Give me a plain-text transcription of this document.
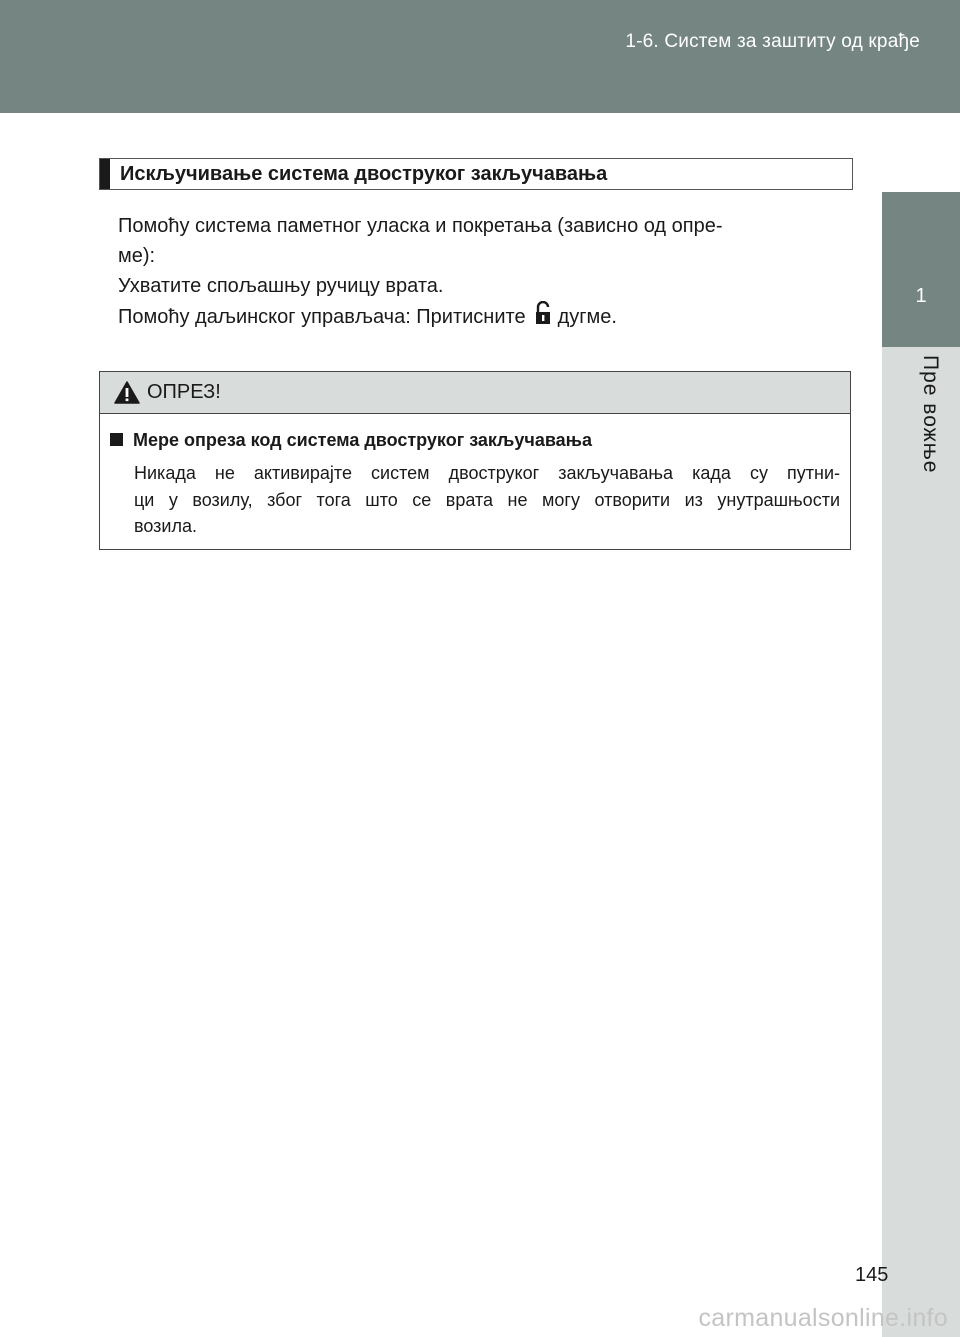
1-6. Систем за заштиту од крађе
1
Пре вожње
Искључивање система двоструког закључавања

Помоћу система паметног уласка и покретања (зависно од опре-

ме):

Ухватите спољашњу ручицу врата.

Помоћу даљинског управљача: Притисните дугме.

ОПРЕЗ!
Мере опреза код система двоструког закључавања
Никада не активирајте систем двоструког закључавања када су путни-
ци у возилу, због тога што се врата не могу отворити из унутрашњости
возила.
145
carmanualsonline.info
